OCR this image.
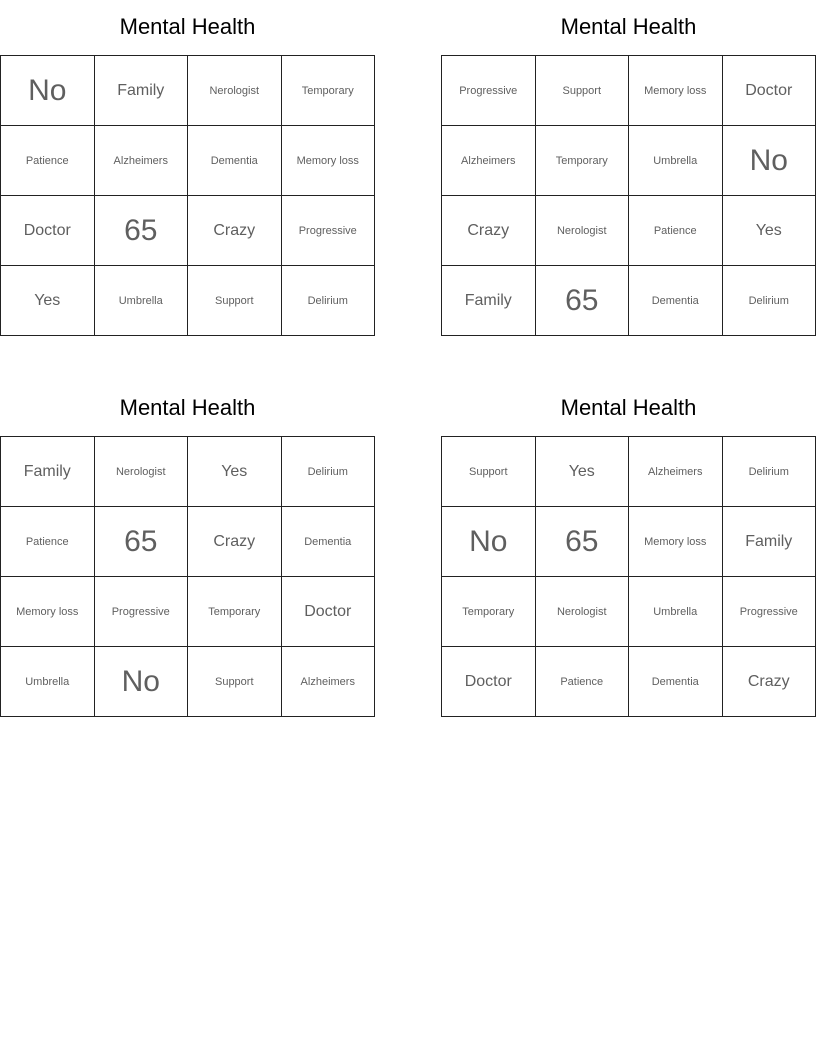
Mental Health
No	Family	Nerologist	Temporary
Patience	Alzheimers	Dementia	Memory loss
Doctor	65	Crazy	Progressive
Yes	Umbrella	Support	Delirium
Mental Health
Progressive	Support	Memory loss	Doctor
Alzheimers	Temporary	Umbrella	No
Crazy	Nerologist	Patience	Yes
Family	65	Dementia	Delirium
Mental Health
Family	Nerologist	Yes	Delirium
Patience	65	Crazy	Dementia
Memory loss	Progressive	Temporary	Doctor
Umbrella	No	Support	Alzheimers
Mental Health
Support	Yes	Alzheimers	Delirium
No	65	Memory loss	Family
Temporary	Nerologist	Umbrella	Progressive
Doctor	Patience	Dementia	Crazy
